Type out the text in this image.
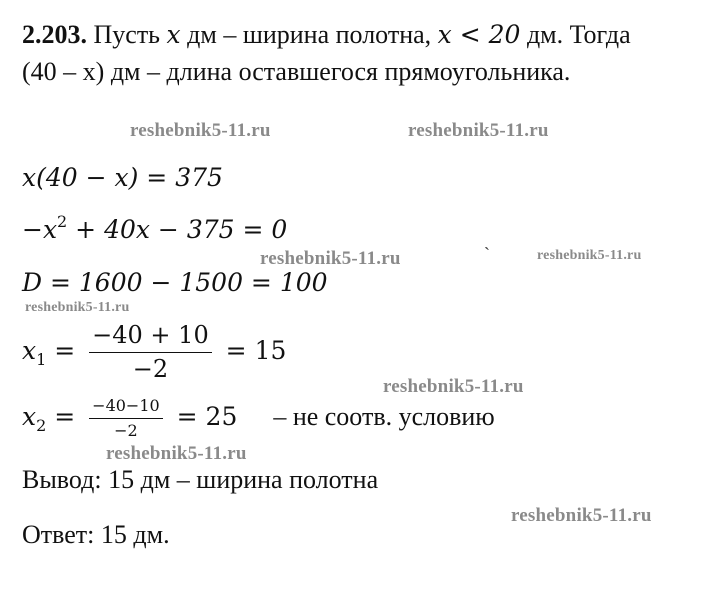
2.203. Пусть x дм – ширина полотна, x < 20 дм. Тогда
(40 – x) дм – длина оставшегося прямоугольника.
x(40 − x) = 375
$-x^2 + 40x - 375 = 0$
D = 1600 − 1500 = 100
$x_1 = \frac{-40 + 10}{-2} = 15$
$x_2 = \frac{-40-10}{-2} = 25$ – не соотв. условию
Вывод: 15 дм – ширина полотна
Ответ: 15 дм.
reshebnik5-11.ru	reshebnik5-11.ru
reshebnik5-11.ru	reshebnik5-11.ru
reshebnik5-11.ru
reshebnik5-11.ru
reshebnik5-11.ru
reshebnik5-11.ru
`
